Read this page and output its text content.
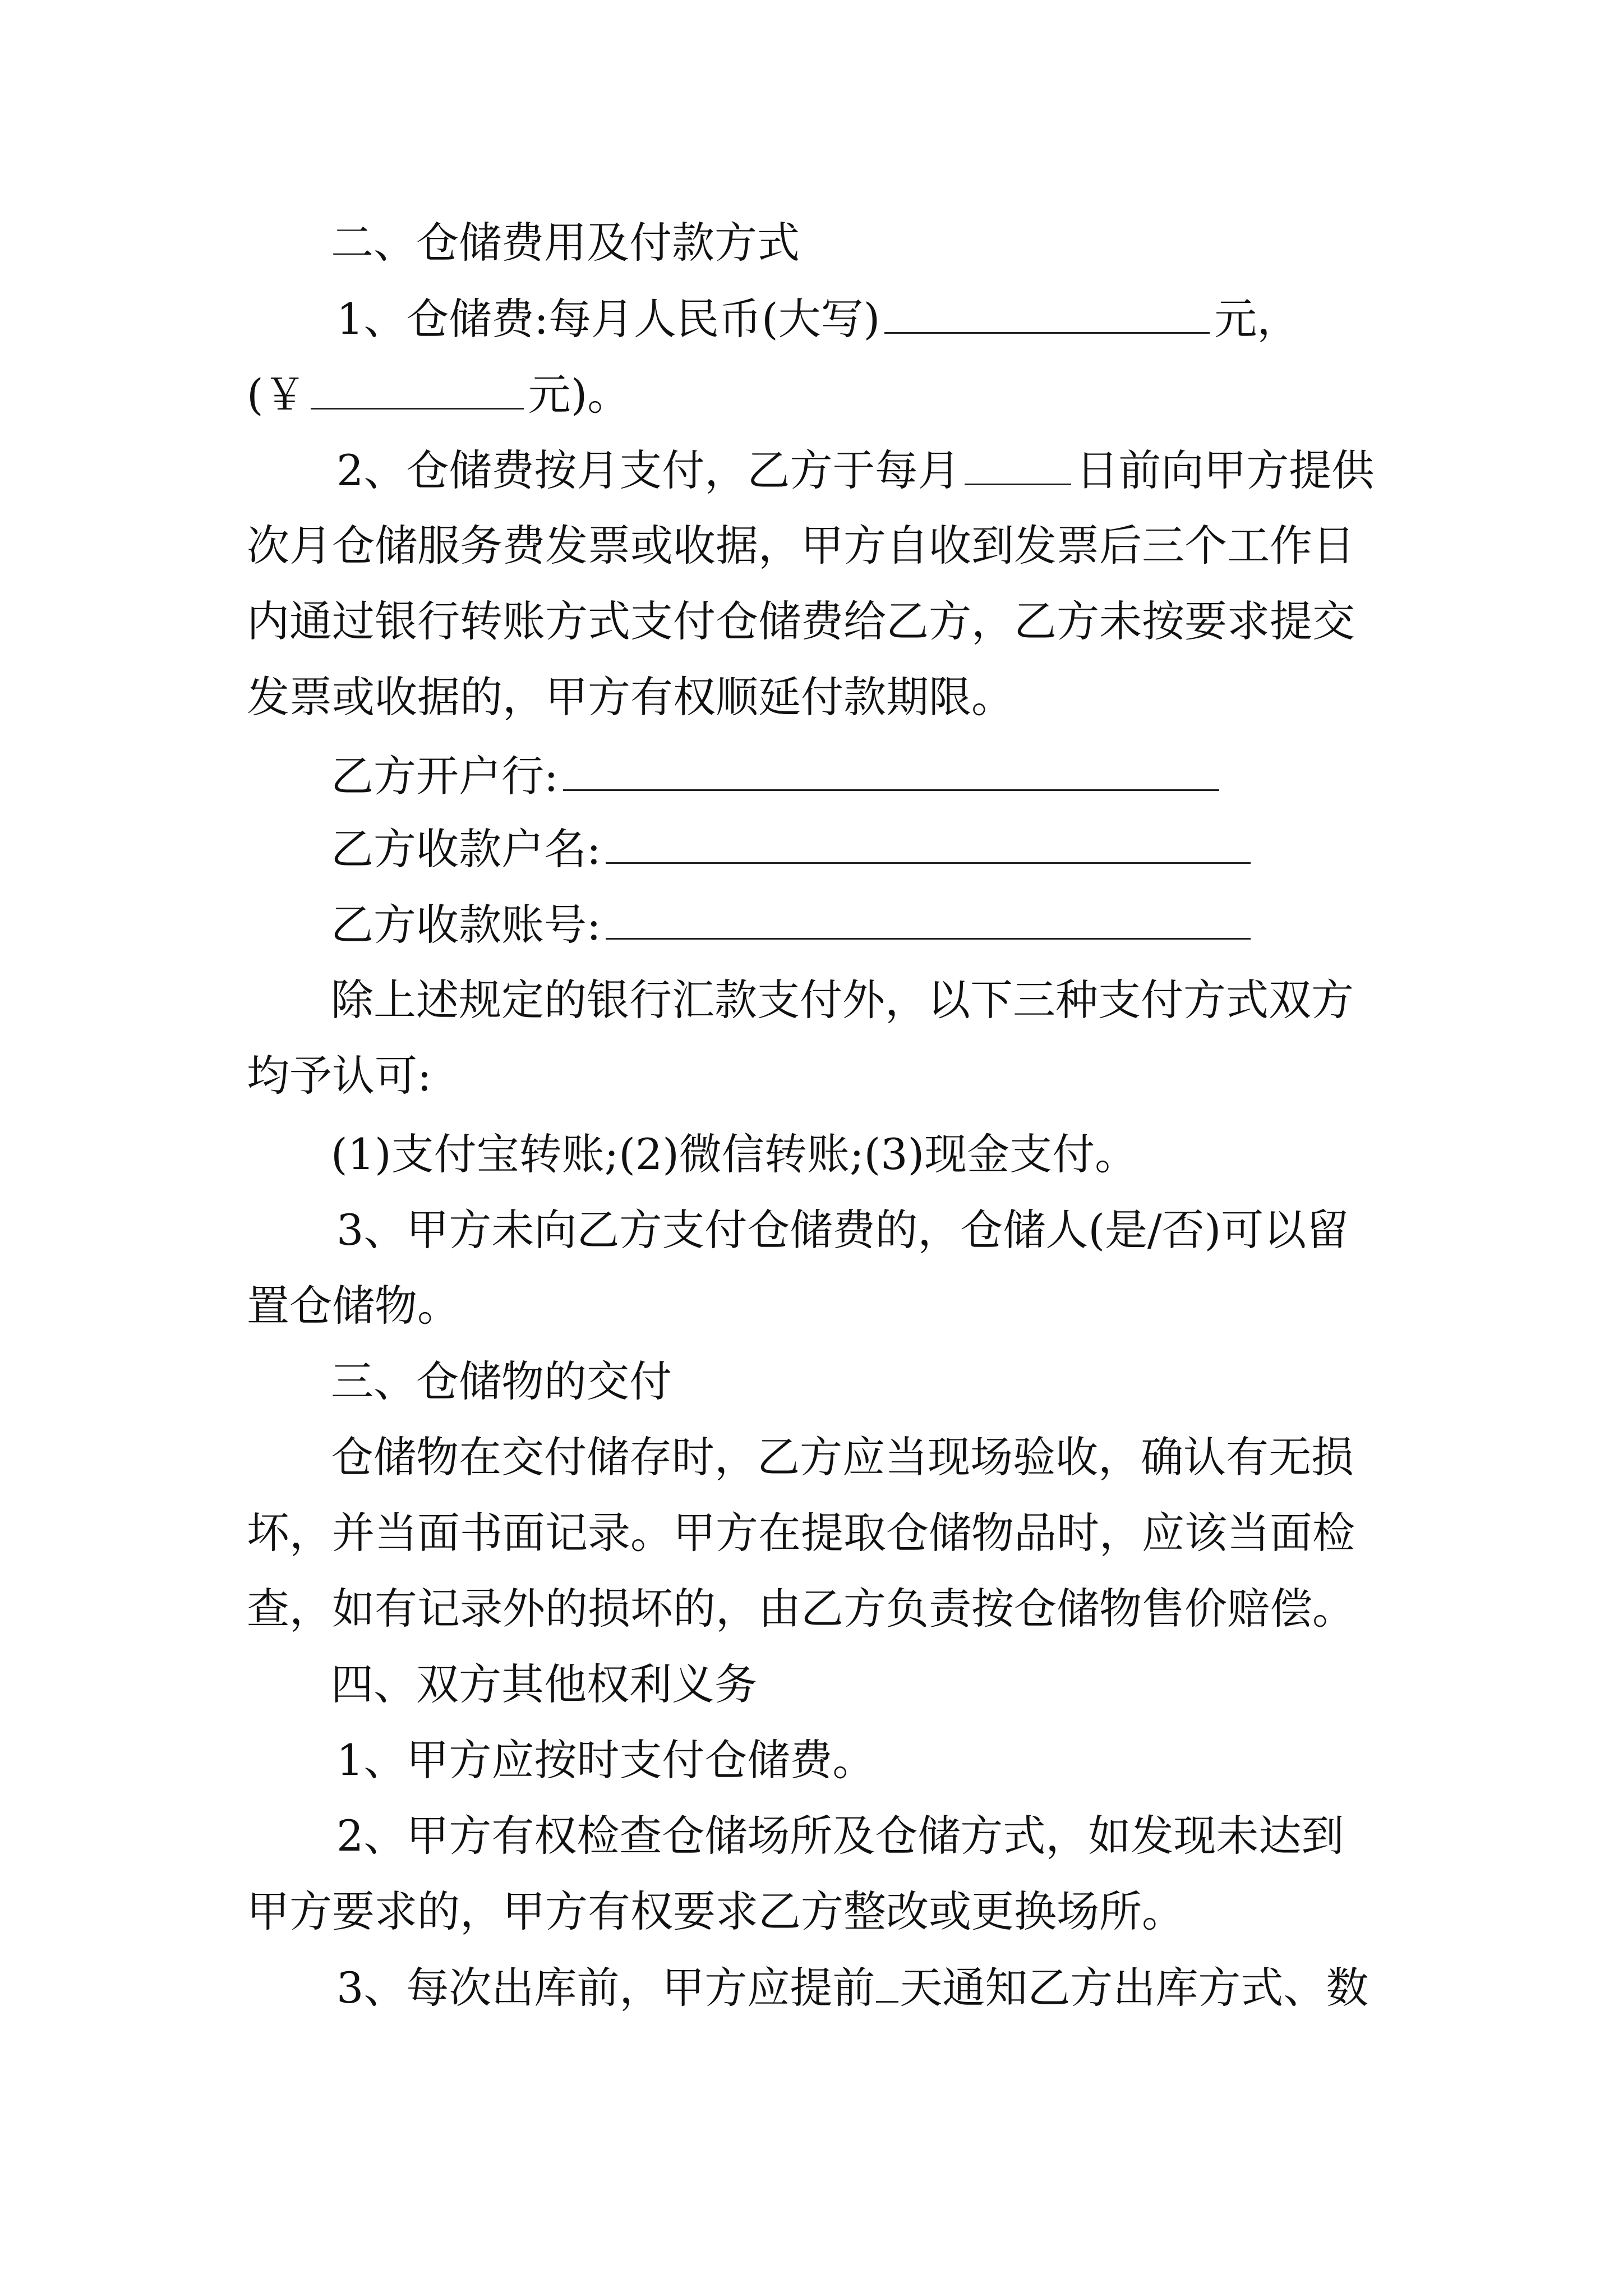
二、仓储费用及付款方式
1、仓储费:每月人民币(大写)	元，
(￥	元)。
2、仓储费按月支付，乙方于每月	日前向甲方提供
次月仓储服务费发票或收据，甲方自收到发票后三个工作日
内通过银行转账方式支付仓储费给乙方，乙方未按要求提交
发票或收据的，甲方有权顺延付款期限。
乙方开户行:
乙方收款户名:
乙方收款账号:
除上述规定的银行汇款支付外，以下三种支付方式双方
均予认可:
(1)支付宝转账;(2)微信转账;(3)现金支付。
3、甲方未向乙方支付仓储费的，仓储人(是/否)可以留
置仓储物。
三、仓储物的交付
仓储物在交付储存时，乙方应当现场验收，确认有无损
坏，并当面书面记录。甲方在提取仓储物品时，应该当面检
查，如有记录外的损坏的，由乙方负责按仓储物售价赔偿。
四、双方其他权利义务
1、甲方应按时支付仓储费。
2、甲方有权检查仓储场所及仓储方式，如发现未达到
甲方要求的，甲方有权要求乙方整改或更换场所。
3、每次出库前，甲方应提前 天通知乙方出库方式、数
